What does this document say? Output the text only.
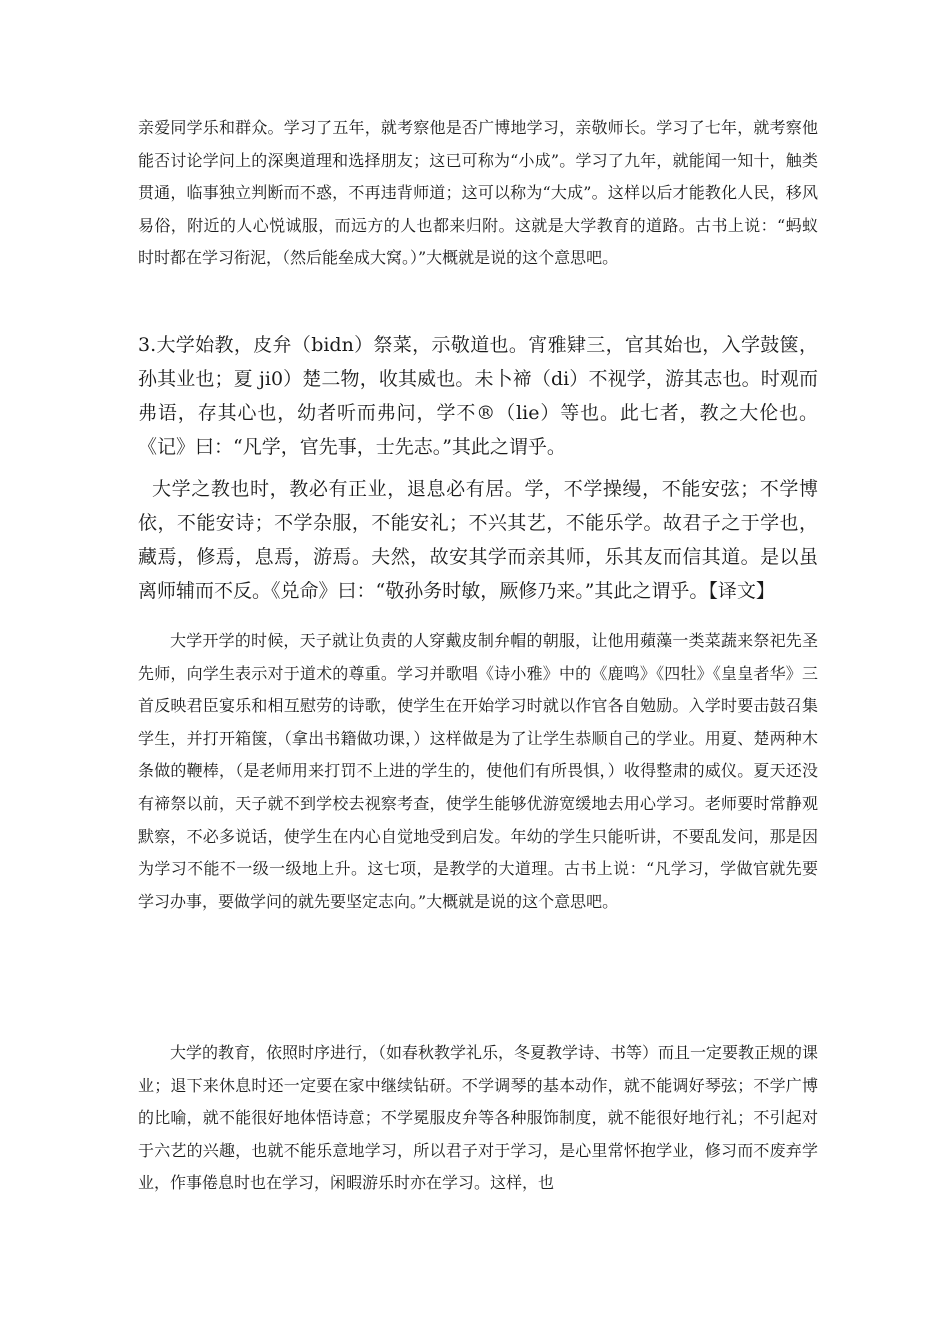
亲爱同学乐和群众。学习了五年，就考察他是否广博地学习，亲敬师长。学习了七年，就考察他能否讨论学问上的深奥道理和选择朋友；这已可称为“小成”。学习了九年，就能闻一知十，触类贯通，临事独立判断而不惑，不再违背师道；这可以称为“大成”。这样以后才能教化人民，移风易俗，附近的人心悦诚服，而远方的人也都来归附。这就是大学教育的道路。古书上说：“蚂蚁时时都在学习衔泥，（然后能垒成大窝。）”大概就是说的这个意思吧。

3.大学始教，皮弁（bidn）祭菜，示敬道也。宵雅肄三，官其始也，入学鼓箧，孙其业也；夏 ji0）楚二物，收其威也。未卜禘（di）不视学，游其志也。时观而弗语，存其心也，幼者听而弗问，学不®（lie）等也。此七者，教之大伦也。《记》曰：“凡学，官先事，士先志。”其此之谓乎。

大学之教也时，教必有正业，退息必有居。学，不学操缦，不能安弦；不学博依，不能安诗；不学杂服，不能安礼；不兴其艺，不能乐学。故君子之于学也，藏焉，修焉，息焉，游焉。夫然，故安其学而亲其师，乐其友而信其道。是以虽离师辅而不反。《兑命》曰：“敬孙务时敏，厥修乃来。”其此之谓乎。【译文】

大学开学的时候，天子就让负责的人穿戴皮制弁帽的朝服，让他用蘋藻一类菜蔬来祭祀先圣先师，向学生表示对于道术的尊重。学习并歌唱《诗小雅》中的《鹿鸣》《四牡》《皇皇者华》三首反映君臣宴乐和相互慰劳的诗歌，使学生在开始学习时就以作官各自勉励。入学时要击鼓召集学生，并打开箱箧，（拿出书籍做功课，）这样做是为了让学生恭顺自己的学业。用夏、楚两种木条做的鞭棒，（是老师用来打罚不上进的学生的，使他们有所畏惧，）收得整肃的威仪。夏天还没有禘祭以前，天子就不到学校去视察考查，使学生能够优游宽缓地去用心学习。老师要时常静观默察，不必多说话，使学生在内心自觉地受到启发。年幼的学生只能听讲，不要乱发问，那是因为学习不能不一级一级地上升。这七项，是教学的大道理。古书上说：“凡学习，学做官就先要学习办事，要做学问的就先要坚定志向。”大概就是说的这个意思吧。

大学的教育，依照时序进行，（如春秋教学礼乐，冬夏教学诗、书等）而且一定要教正规的课业；退下来休息时还一定要在家中继续钻研。不学调琴的基本动作，就不能调好琴弦；不学广博的比喻，就不能很好地体悟诗意；不学冕服皮弁等各种服饰制度，就不能很好地行礼；不引起对于六艺的兴趣，也就不能乐意地学习，所以君子对于学习，是心里常怀抱学业，修习而不废弃学业，作事倦息时也在学习，闲暇游乐时亦在学习。这样，也
